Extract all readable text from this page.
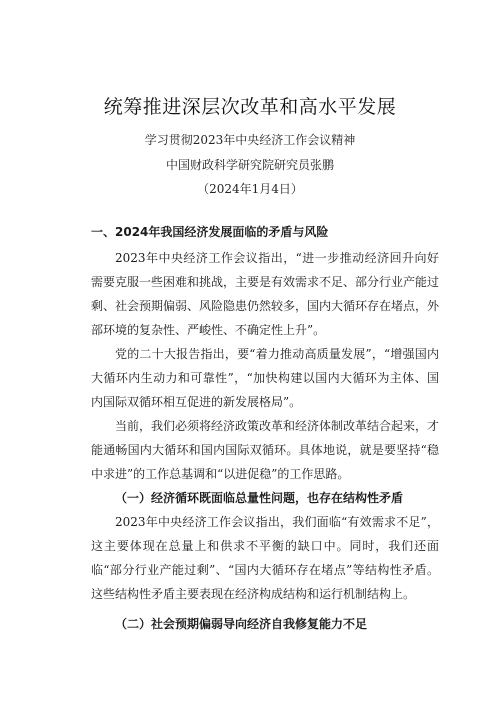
统筹推进深层次改革和高水平发展
学习贯彻2023年中央经济工作会议精神
中国财政科学研究院研究员张鹏
（2024年1月4日）

一、2024年我国经济发展面临的矛盾与风险

2023年中央经济工作会议指出，“进一步推动经济回升向好需要克服一些困难和挑战，主要是有效需求不足、部分行业产能过剩、社会预期偏弱、风险隐患仍然较多，国内大循环存在堵点，外部环境的复杂性、严峻性、不确定性上升”。

党的二十大报告指出，要“着力推动高质量发展”，“增强国内大循环内生动力和可靠性”，“加快构建以国内大循环为主体、国内国际双循环相互促进的新发展格局”。

当前，我们必须将经济政策改革和经济体制改革结合起来，才能通畅国内大循环和国内国际双循环。具体地说，就是要坚持“稳中求进”的工作总基调和“以进促稳”的工作思路。

（一）经济循环既面临总量性问题，也存在结构性矛盾

2023年中央经济工作会议指出，我们面临“有效需求不足”，这主要体现在总量上和供求不平衡的缺口中。同时，我们还面临“部分行业产能过剩”、“国内大循环存在堵点”等结构性矛盾。这些结构性矛盾主要表现在经济构成结构和运行机制结构上。

（二）社会预期偏弱导向经济自我修复能力不足
